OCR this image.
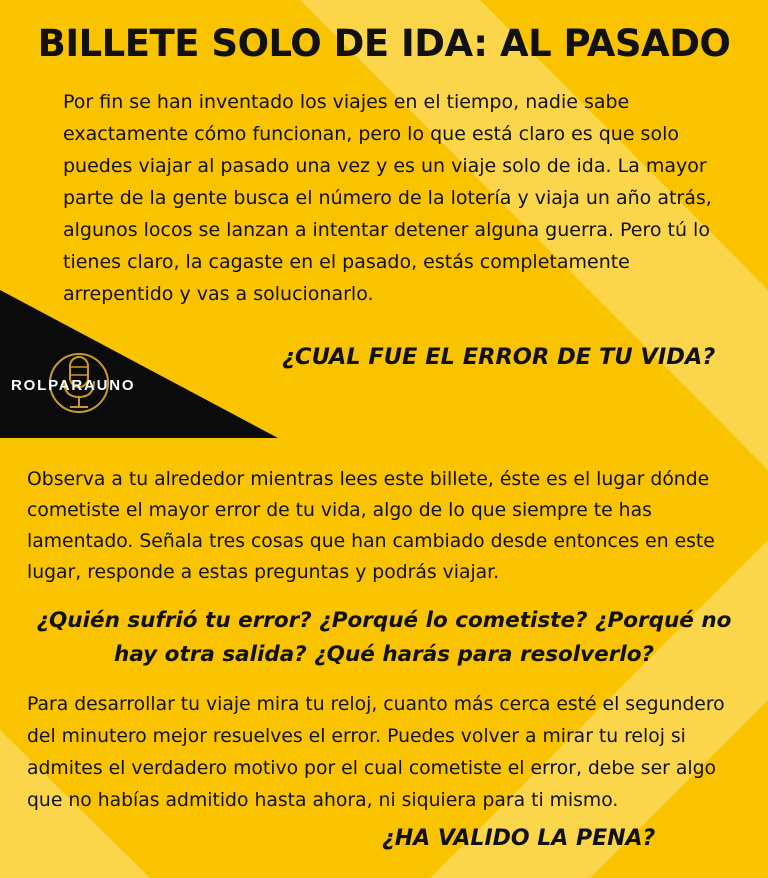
BILLETE SOLO DE IDA: AL PASADO

Por fin se han inventado los viajes en el tiempo, nadie sabe exactamente cómo funcionan, pero lo que está claro es que solo puedes viajar al pasado una vez y es un viaje solo de ida. La mayor parte de la gente busca el número de la lotería y viaja un año atrás, algunos locos se lanzan a intentar detener alguna guerra. Pero tú lo tienes claro, la cagaste en el pasado, estás completamente arrepentido y vas a solucionarlo.

ROLPARAUNO

¿CUAL FUE EL ERROR DE TU VIDA?

Observa a tu alrededor mientras lees este billete, éste es el lugar dónde cometiste el mayor error de tu vida, algo de lo que siempre te has lamentado. Señala tres cosas que han cambiado desde entonces en este lugar, responde a estas preguntas y podrás viajar.

¿Quién sufrió tu error? ¿Porqué lo cometiste? ¿Porqué no hay otra salida? ¿Qué harás para resolverlo?

Para desarrollar tu viaje mira tu reloj, cuanto más cerca esté el segundero del minutero mejor resuelves el error. Puedes volver a mirar tu reloj si admites el verdadero motivo por el cual cometiste el error, debe ser algo que no habías admitido hasta ahora, ni siquiera para ti mismo.

¿HA VALIDO LA PENA?
